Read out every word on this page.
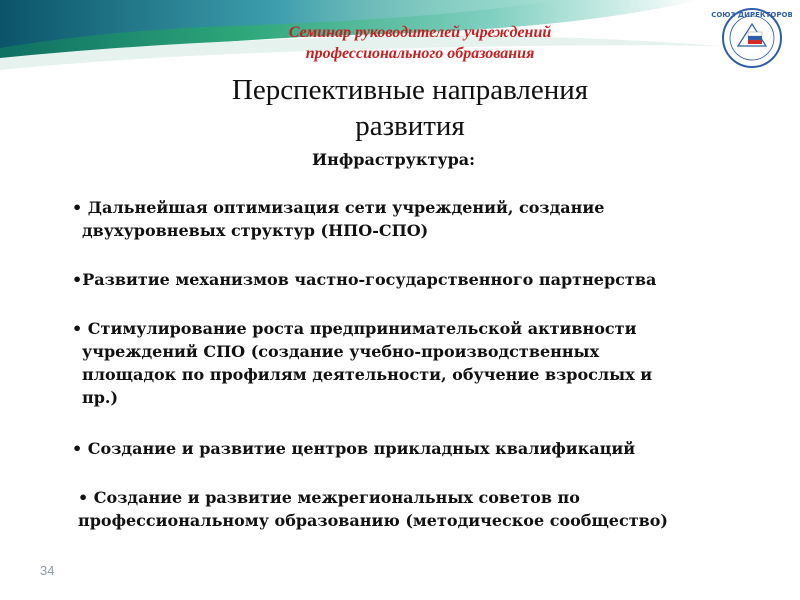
СОЮЗ ДИРЕКТОРОВ
Семинар руководителей учреждений
профессионального образования
Перспективные направления
развития
Инфраструктура:
• Дальнейшая оптимизация сети учреждений, создание
двухуровневых структур (НПО-СПО)
•Развитие механизмов частно-государственного партнерства
• Стимулирование роста предпринимательской активности
учреждений СПО (создание учебно-производственных
площадок по профилям деятельности, обучение взрослых и
пр.)
• Создание и развитие центров прикладных квалификаций
• Создание и развитие межрегиональных советов по
профессиональному образованию (методическое сообщество)
34
